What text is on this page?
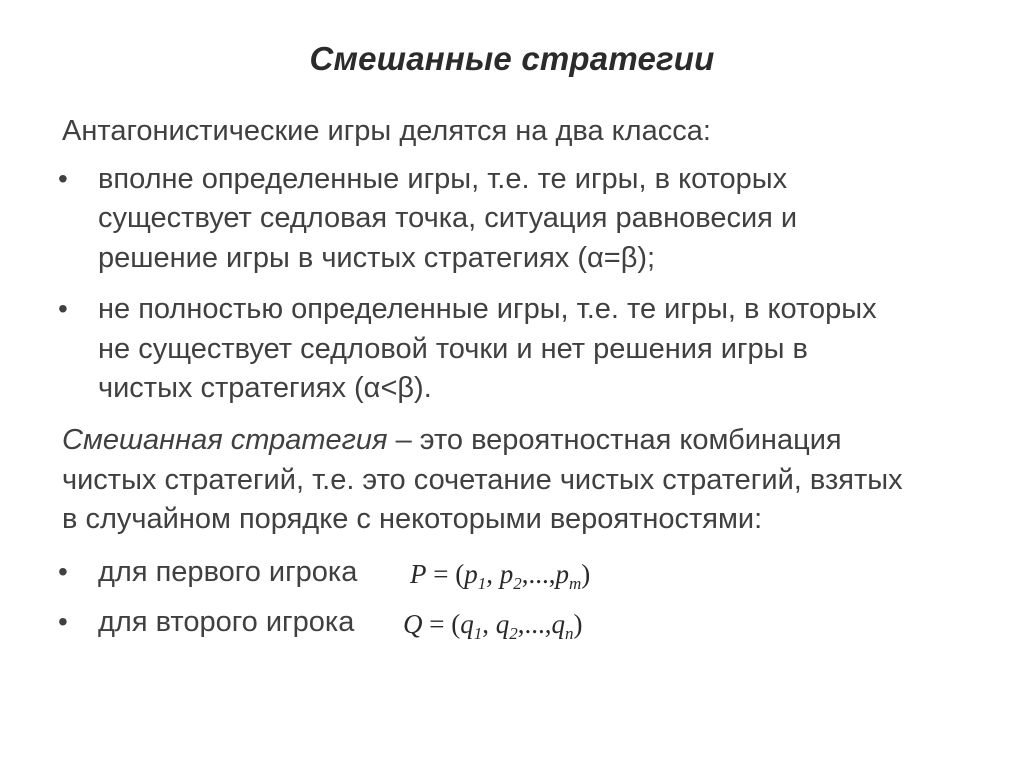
Смешанные стратегии
Антагонистические игры делятся на два класса:
• вполне определенные игры, т.е. те игры, в которых
существует седловая точка, ситуация равновесия и
решение игры в чистых стратегиях (α=β);
• не полностью определенные игры, т.е. те игры, в которых
не существует седловой точки и нет решения игры в
чистых стратегиях (α<β).
Смешанная стратегия – это вероятностная комбинация
чистых стратегий, т.е. это сочетание чистых стратегий, взятых
в случайном порядке с некоторыми вероятностями:
• для первого игрока $P = (p_1$, $p_2,...,p_m$)
• для второго игрока $Q = (q_1$, $q_2,...,q_n$)
